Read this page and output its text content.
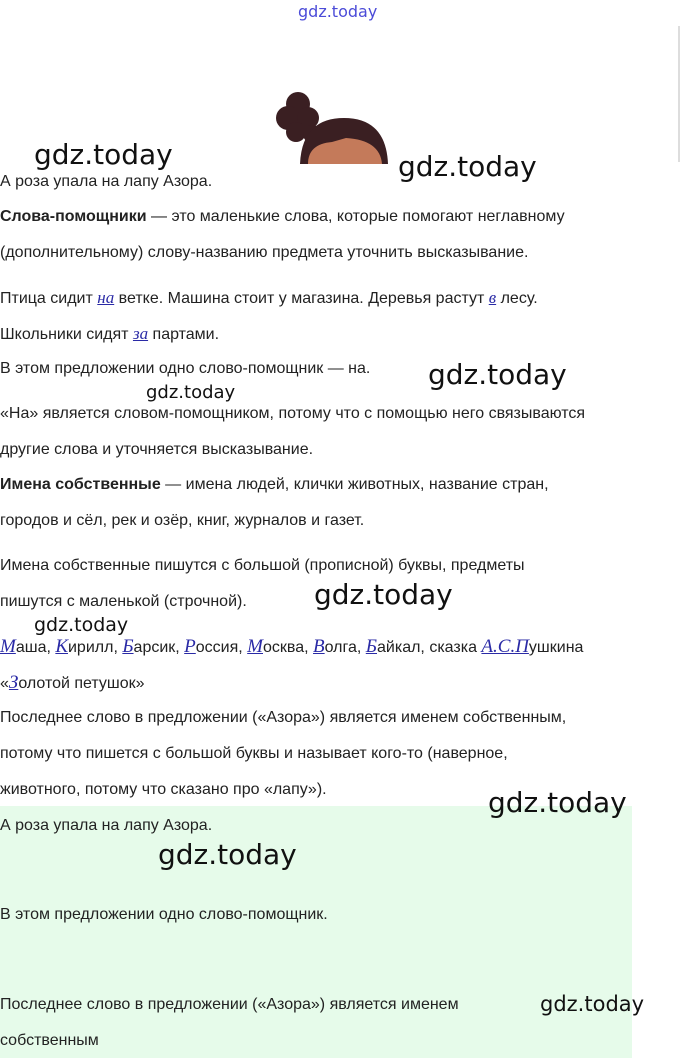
gdz.today
gdz.today	gdz.today

А роза упала на лапу Азора.

Слова-помощники — это маленькие слова, которые помогают неглавному

(дополнительному) слову-названию предмета уточнить высказывание.

Птица сидит на ветке. Машина стоит у магазина. Деревья растут в лесу.

Школьники сидят за партами.

В этом предложении одно слово-помощник — на. gdz.today
gdz.today

«На» является словом-помощником, потому что с помощью него связываются

другие слова и уточняется высказывание.

Имена собственные — имена людей, клички животных, название стран,

городов и сёл, рек и озёр, книг, журналов и газет.

Имена собственные пишутся с большой (прописной) буквы, предметы

пишутся с маленькой (строчной). gdz.today
gdz.today

Маша, Кирилл, Барсик, Россия, Москва, Волга, Байкал, сказка А.С.Пушкина

«Золотой петушок»

Последнее слово в предложении («Азора») является именем собственным,

потому что пишется с большой буквы и называет кого-то (наверное,

животного, потому что сказано про «лапу»).	gdz.today

А роза упала на лапу Азора.

gdz.today

В этом предложении одно слово-помощник.

Последнее слово в предложении («Азора») является именем	gdz.today

собственным
